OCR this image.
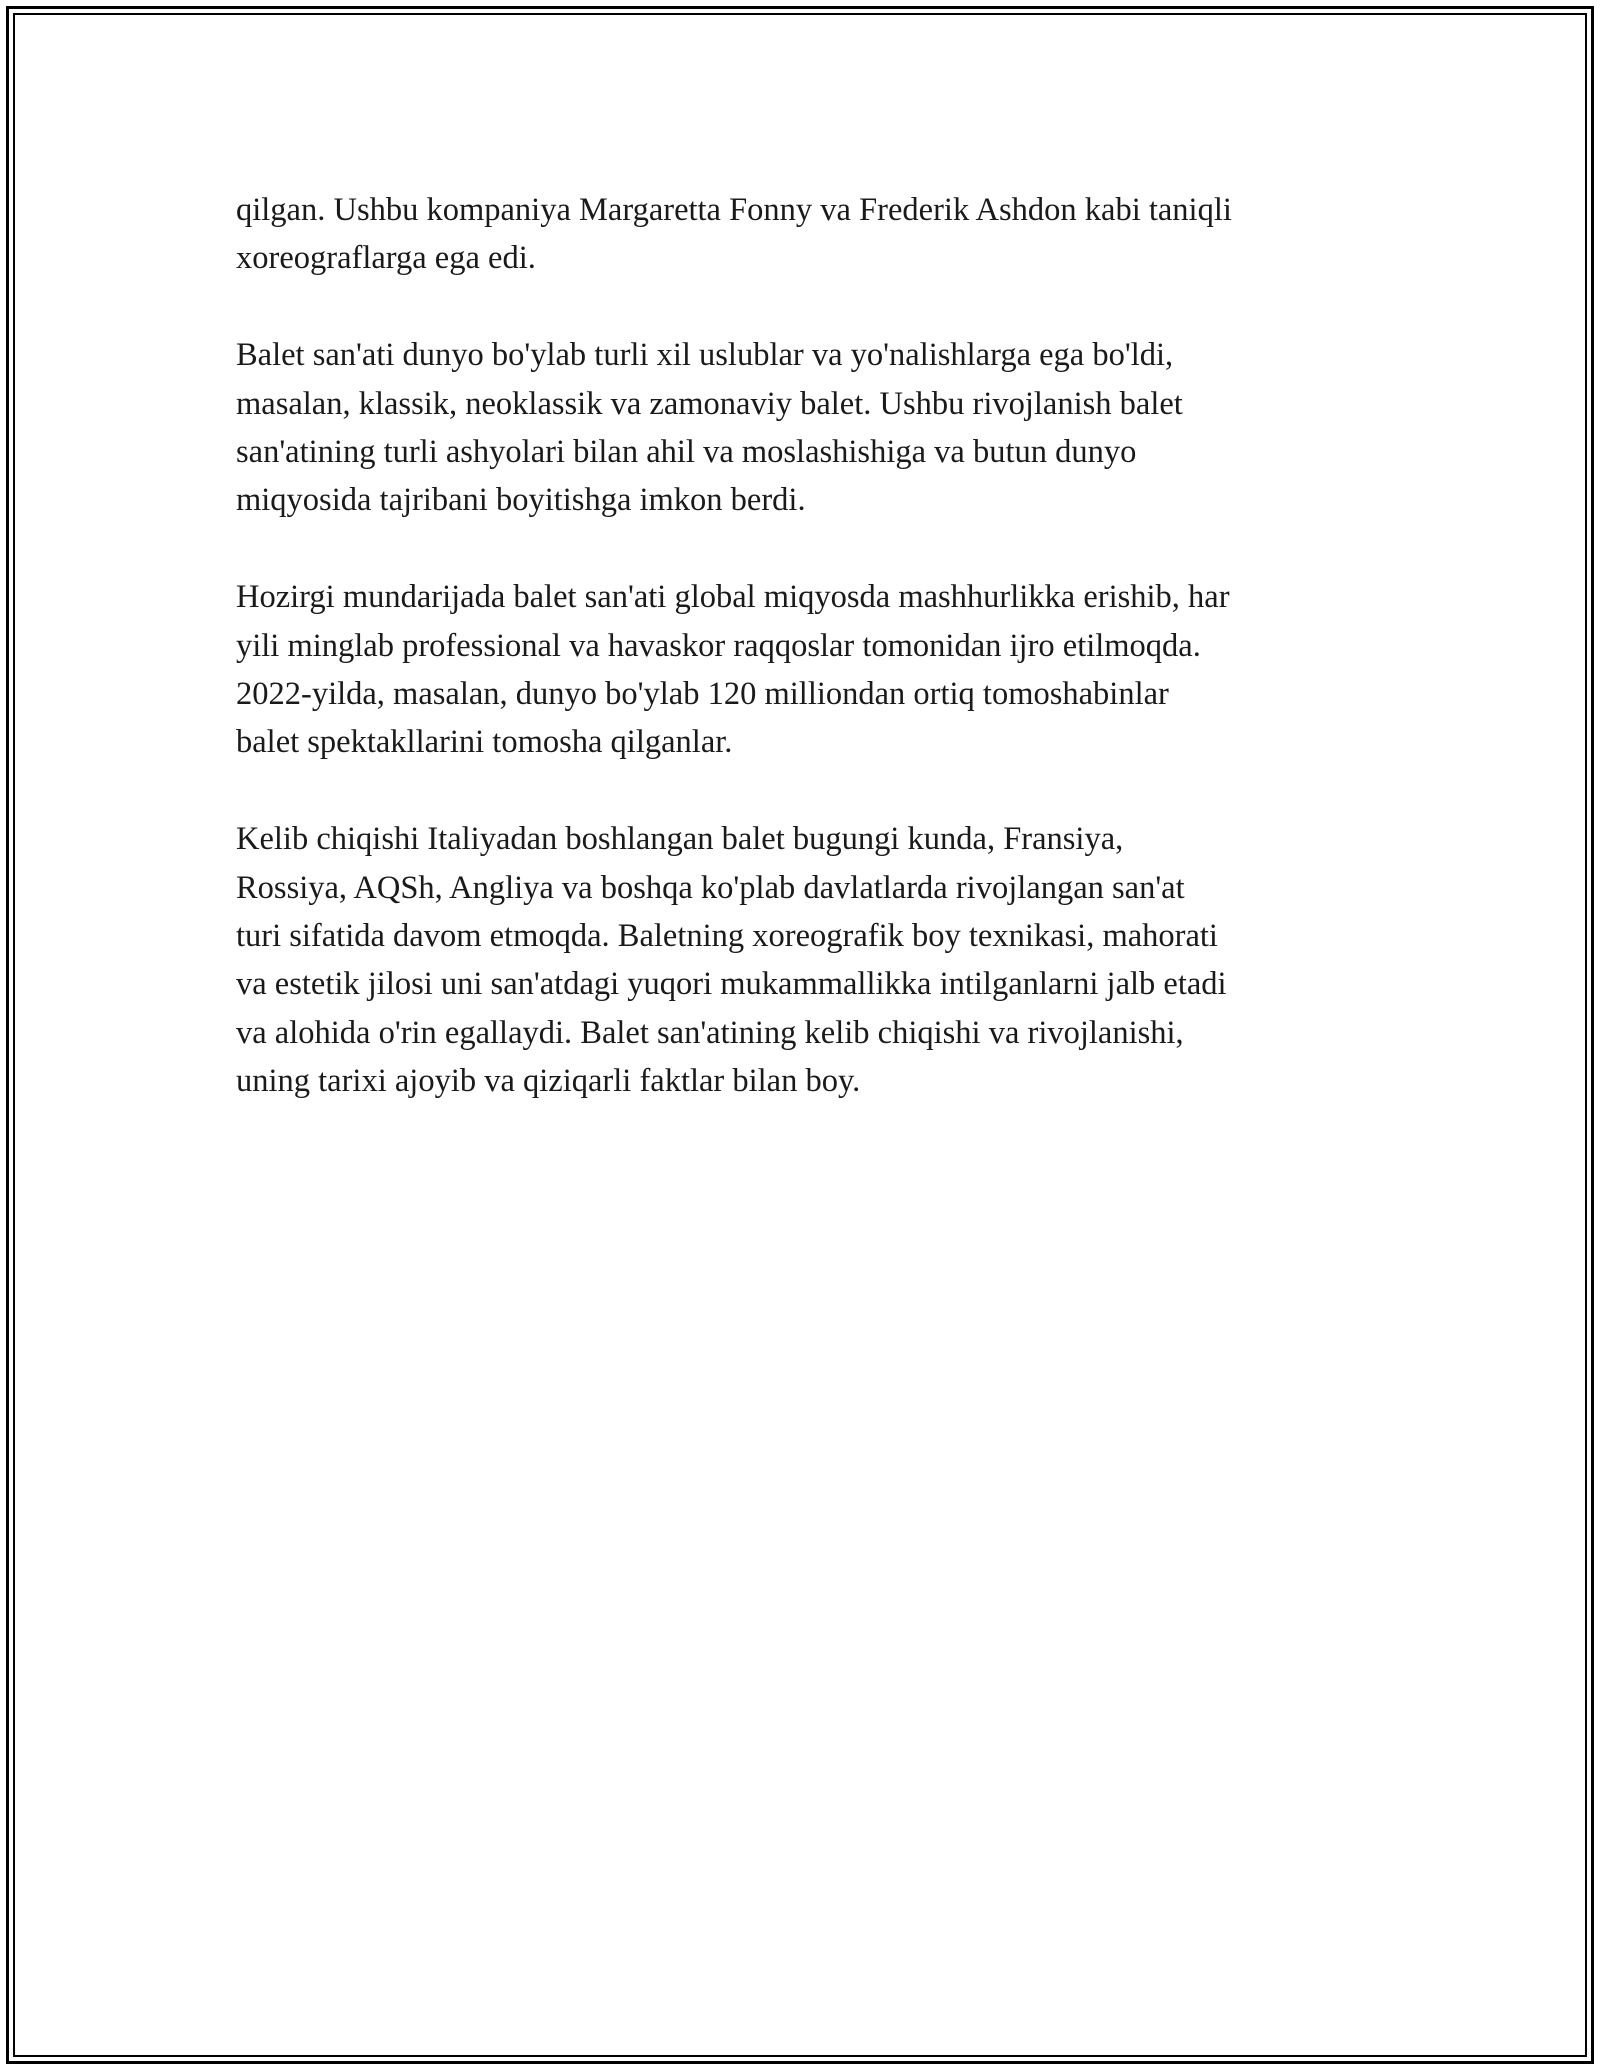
qilgan. Ushbu kompaniya Margaretta Fonny va Frederik Ashdon kabi taniqli
xoreograflarga ega edi.

Balet san'ati dunyo bo'ylab turli xil uslublar va yo'nalishlarga ega bo'ldi,
masalan, klassik, neoklassik va zamonaviy balet. Ushbu rivojlanish balet
san'atining turli ashyolari bilan ahil va moslashishiga va butun dunyo
miqyosida tajribani boyitishga imkon berdi.

Hozirgi mundarijada balet san'ati global miqyosda mashhurlikka erishib, har
yili minglab professional va havaskor raqqoslar tomonidan ijro etilmoqda.
2022-yilda, masalan, dunyo bo'ylab 120 milliondan ortiq tomoshabinlar
balet spektakllarini tomosha qilganlar.

Kelib chiqishi Italiyadan boshlangan balet bugungi kunda, Fransiya,
Rossiya, AQSh, Angliya va boshqa ko'plab davlatlarda rivojlangan san'at
turi sifatida davom etmoqda. Baletning xoreografik boy texnikasi, mahorati
va estetik jilosi uni san'atdagi yuqori mukammallikka intilganlarni jalb etadi
va alohida o'rin egallaydi. Balet san'atining kelib chiqishi va rivojlanishi,
uning tarixi ajoyib va qiziqarli faktlar bilan boy.
